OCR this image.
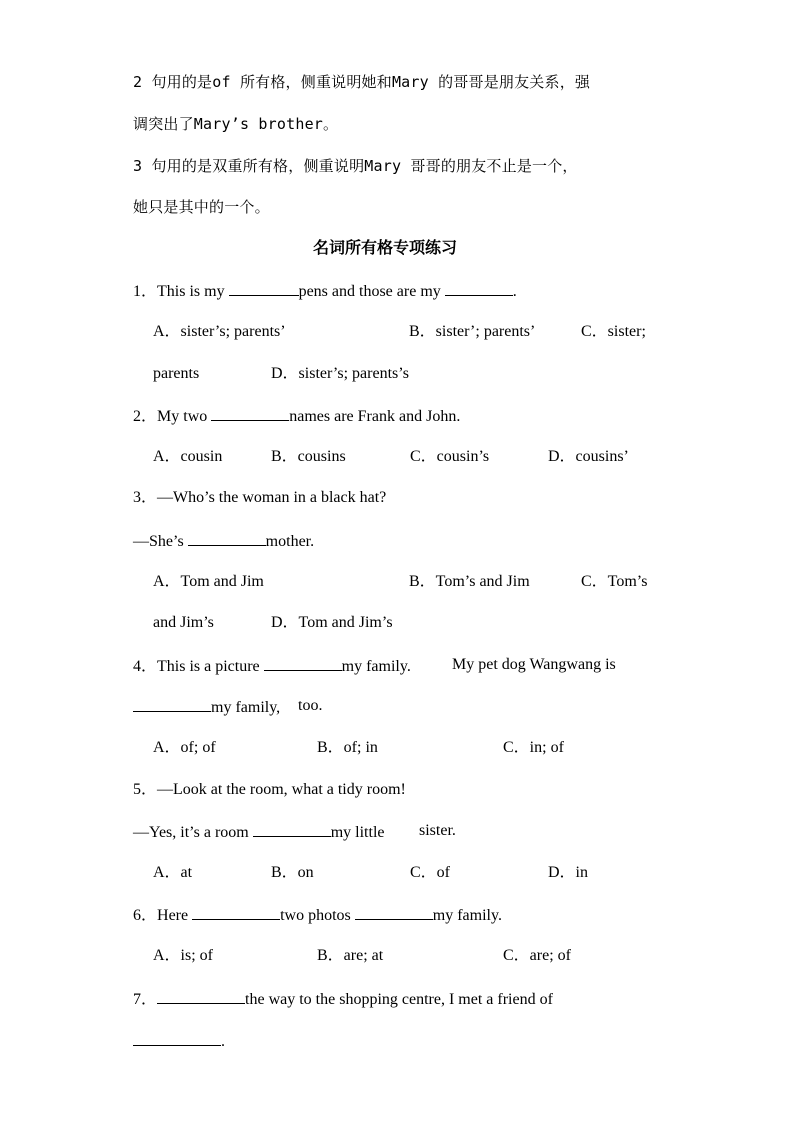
2 句用的是of 所有格，侧重说明她和Mary 的哥哥是朋友关系，强
调突出了Mary’s brother。
3 句用的是双重所有格，侧重说明Mary 哥哥的朋友不止是一个，
她只是其中的一个。
名词所有格专项练习
1．This is my	pens and those are my	.
A．sister’s; parents’	B．sister’; parents’	C．sister;
parents	D．sister’s; parents’s
2．My two	names are Frank and John.
A．cousin	B．cousins	C．cousin’s	D．cousins’
3．—Who’s the woman in a black hat?
—She’s	mother.
A．Tom and Jim	B．Tom’s and Jim	C．Tom’s
and Jim’s	D．Tom and Jim’s
4．This is a picture	my family.	My pet dog Wangwang is
my family, too.
A．of; of	B．of; in	C．in; of
5．—Look at the room, what a tidy room!
—Yes, it’s a room	my little sister.
A．at	B．on	C．of	D．in
6．Here	two photos	my family.
A．is; of	B．are; at	C．are; of
7．	the way to the shopping centre, I met a friend of
.
